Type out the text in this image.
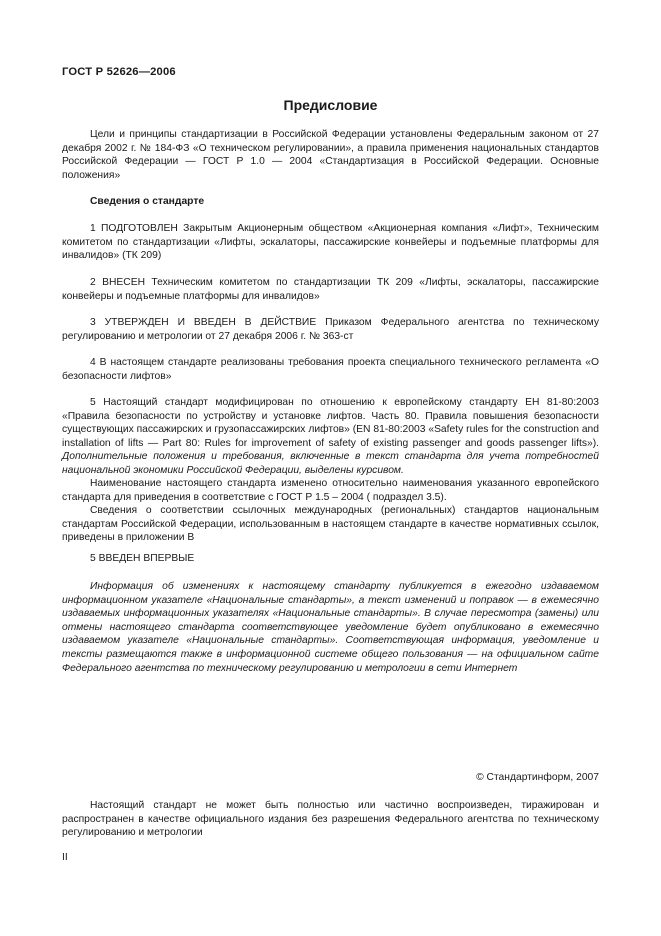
ГОСТ Р 52626—2006
Предисловие
Цели и принципы стандартизации в Российской Федерации установлены Федеральным законом от 27 декабря 2002 г. № 184-ФЗ «О техническом регулировании», а правила применения национальных стандартов Российской Федерации — ГОСТ Р 1.0 — 2004 «Стандартизация в Российской Федерации. Основные положения»
Сведения о стандарте
1 ПОДГОТОВЛЕН Закрытым Акционерным обществом «Акционерная компания «Лифт», Техническим комитетом по стандартизации «Лифты, эскалаторы, пассажирские конвейеры и подъемные платформы для инвалидов» (ТК 209)
2 ВНЕСЕН Техническим комитетом по стандартизации ТК 209 «Лифты, эскалаторы, пассажирские конвейеры и подъемные платформы для инвалидов»
3 УТВЕРЖДЕН И ВВЕДЕН В ДЕЙСТВИЕ Приказом Федерального агентства по техническому регулированию и метрологии от 27 декабря 2006 г. № 363-ст
4 В настоящем стандарте реализованы требования проекта специального технического регламента «О безопасности лифтов»
5 Настоящий стандарт модифицирован по отношению к европейскому стандарту ЕН 81-80:2003 «Правила безопасности по устройству и установке лифтов. Часть 80. Правила повышения безопасности существующих пассажирских и грузопассажирских лифтов» (EN 81-80:2003 «Safety rules for the construction and installation of lifts — Part 80: Rules for improvement of safety of existing passenger and goods passenger lifts»). Дополнительные положения и требования, включенные в текст стандарта для учета потребностей национальной экономики Российской Федерации, выделены курсивом.
Наименование настоящего стандарта изменено относительно наименования указанного европейского стандарта для приведения в соответствие с ГОСТ Р 1.5 – 2004 ( подраздел 3.5).
Сведения о соответствии ссылочных международных (региональных) стандартов национальным стандартам Российской Федерации, использованным в настоящем стандарте в качестве нормативных ссылок, приведены в приложении В
5 ВВЕДЕН ВПЕРВЫЕ
Информация об изменениях к настоящему стандарту публикуется в ежегодно издаваемом информационном указателе «Национальные стандарты», а текст изменений и поправок — в ежемесячно издаваемых информационных указателях «Национальные стандарты». В случае пересмотра (замены) или отмены настоящего стандарта соответствующее уведомление будет опубликовано в ежемесячно издаваемом указателе «Национальные стандарты». Соответствующая информация, уведомление и тексты размещаются также в информационной системе общего пользования — на официальном сайте Федерального агентства по техническому регулированию и метрологии в сети Интернет
© Стандартинформ, 2007
Настоящий стандарт не может быть полностью или частично воспроизведен, тиражирован и распространен в качестве официального издания без разрешения Федерального агентства по техническому регулированию и метрологии
II
